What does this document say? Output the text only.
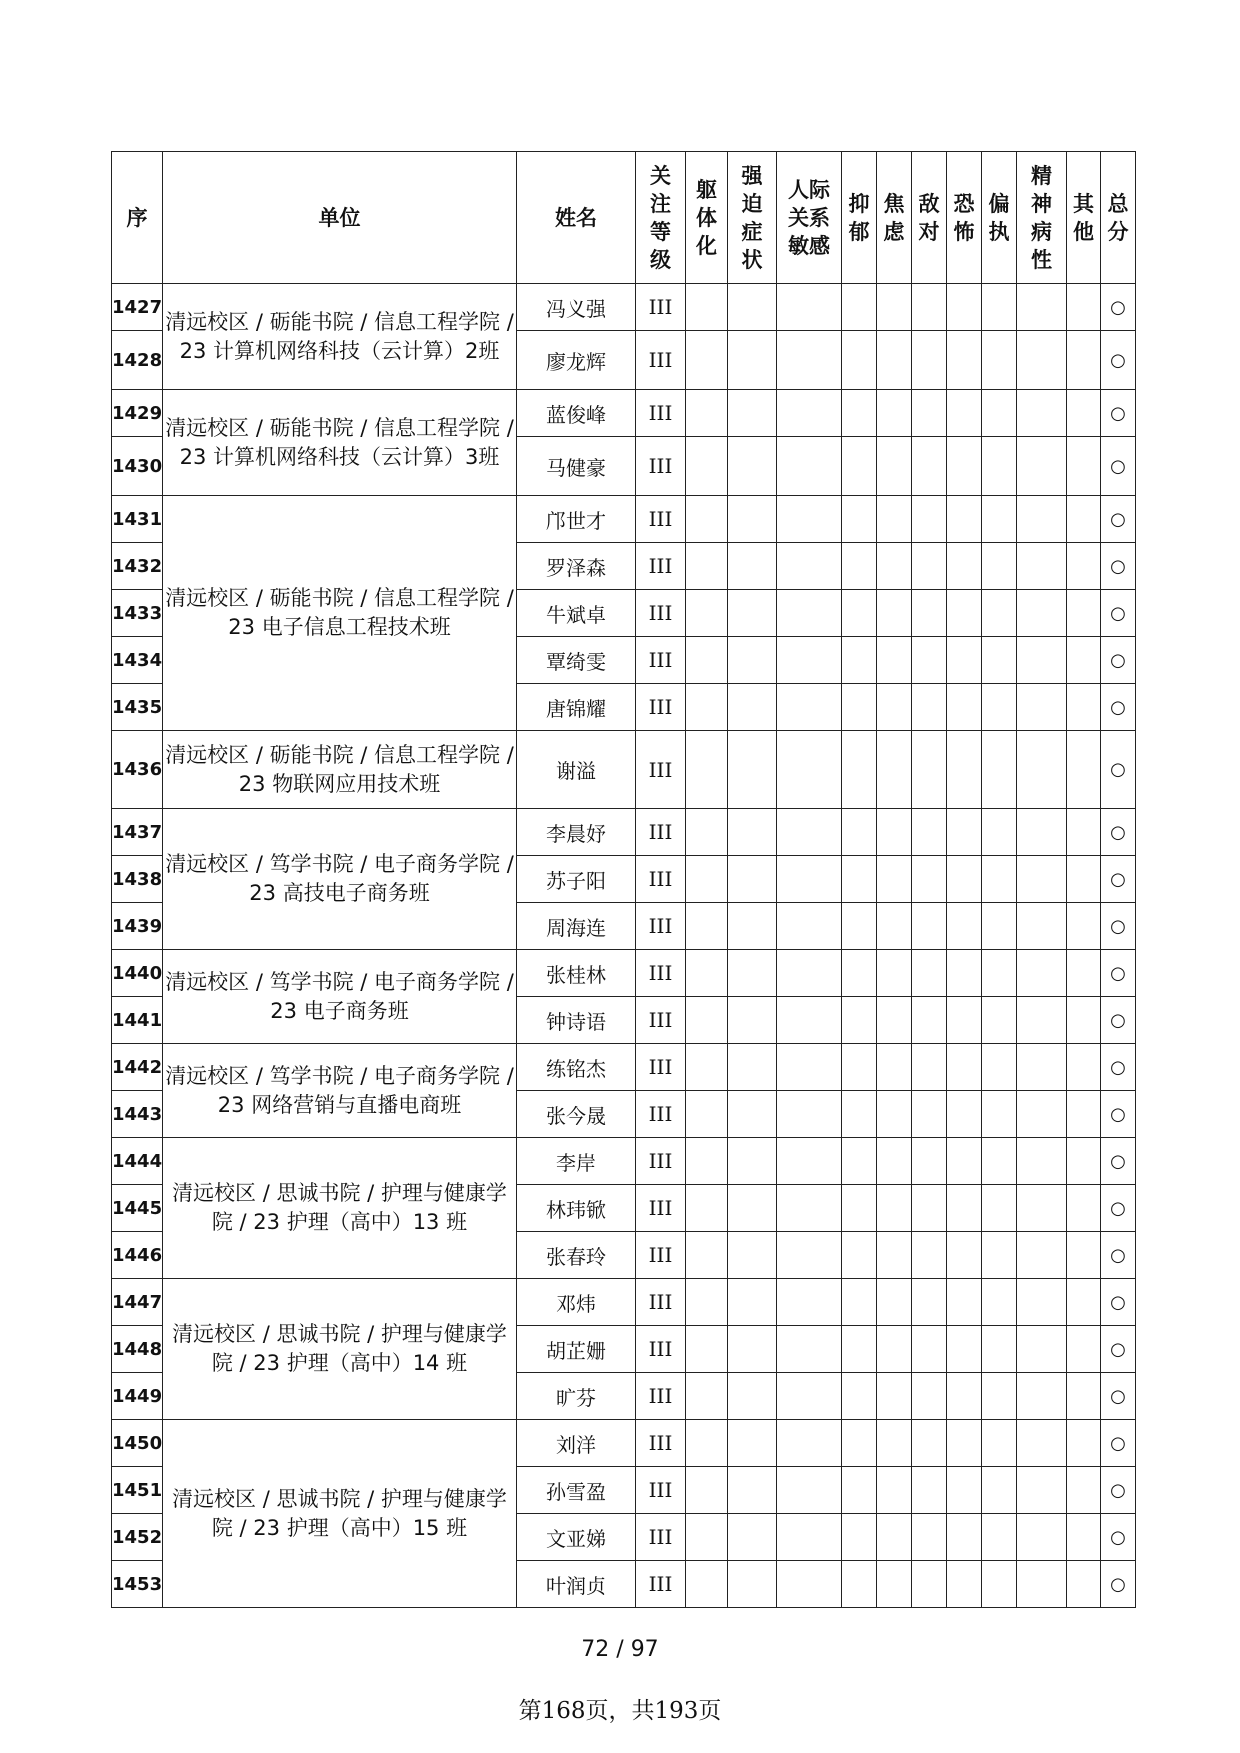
序	单位	姓名	关注等级	躯体化	强迫症状	人际关系敏感	抑郁	焦虑	敌对	恐怖	偏执	精神病性	其他	总分
1427	清远校区 / 砺能书院 / 信息工程学院 / 23 计算机网络科技（云计算）2班	冯义强	III											○
1428		廖龙辉	III											○
1429	清远校区 / 砺能书院 / 信息工程学院 / 23 计算机网络科技（云计算）3班	蓝俊峰	III											○
1430		马健豪	III											○
1431	清远校区 / 砺能书院 / 信息工程学院 / 23 电子信息工程技术班	邝世才	III											○
1432		罗泽森	III											○
1433		牛斌卓	III											○
1434		覃绮雯	III											○
1435		唐锦耀	III											○
1436	清远校区 / 砺能书院 / 信息工程学院 / 23 物联网应用技术班	谢溢	III											○
1437	清远校区 / 笃学书院 / 电子商务学院 / 23 高技电子商务班	李晨妤	III											○
1438		苏子阳	III											○
1439		周海连	III											○
1440	清远校区 / 笃学书院 / 电子商务学院 / 23 电子商务班	张桂林	III											○
1441		钟诗语	III											○
1442	清远校区 / 笃学书院 / 电子商务学院 / 23 网络营销与直播电商班	练铭杰	III											○
1443		张今晟	III											○
1444	清远校区 / 思诚书院 / 护理与健康学院 / 23 护理（高中）13 班	李岸	III											○
1445		林玮锨	III											○
1446		张春玲	III											○
1447	清远校区 / 思诚书院 / 护理与健康学院 / 23 护理（高中）14 班	邓炜	III											○
1448		胡芷姗	III											○
1449		旷芬	III											○
1450	清远校区 / 思诚书院 / 护理与健康学院 / 23 护理（高中）15 班	刘洋	III											○
1451		孙雪盈	III											○
1452		文亚娣	III											○
1453		叶润贞	III											○
72 / 97
第168页，共193页
